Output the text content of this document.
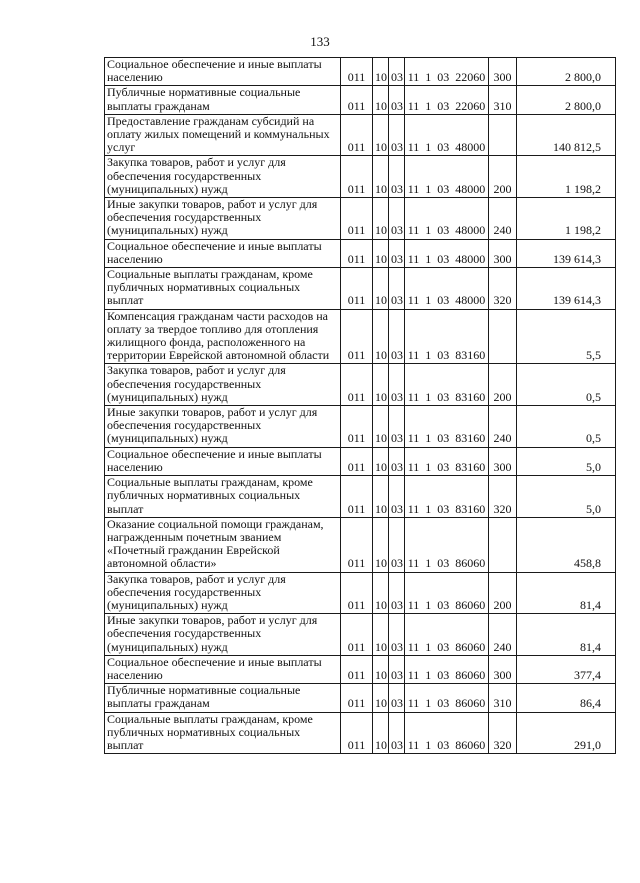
133
Социальное обеспечение и иные выплаты населению	011	10	03	11  1  03  22060	300	2 800,0
Публичные нормативные социальные выплаты гражданам	011	10	03	11  1  03  22060	310	2 800,0
Предоставление гражданам субсидий на оплату жилых помещений и коммунальных услуг	011	10	03	11  1  03  48000		140 812,5
Закупка товаров, работ и услуг для обеспечения государственных (муниципальных) нужд	011	10	03	11  1  03  48000	200	1 198,2
Иные закупки товаров, работ и услуг для обеспечения государственных (муниципальных) нужд	011	10	03	11  1  03  48000	240	1 198,2
Социальное обеспечение и иные выплаты населению	011	10	03	11  1  03  48000	300	139 614,3
Социальные выплаты гражданам, кроме публичных нормативных социальных выплат	011	10	03	11  1  03  48000	320	139 614,3
Компенсация гражданам части расходов на оплату за твердое топливо для отопления жилищного фонда, расположенного на территории Еврейской автономной области	011	10	03	11  1  03  83160		5,5
Закупка товаров, работ и услуг для обеспечения государственных (муниципальных) нужд	011	10	03	11  1  03  83160	200	0,5
Иные закупки товаров, работ и услуг для обеспечения государственных (муниципальных) нужд	011	10	03	11  1  03  83160	240	0,5
Социальное обеспечение и иные выплаты населению	011	10	03	11  1  03  83160	300	5,0
Социальные выплаты гражданам, кроме публичных нормативных социальных выплат	011	10	03	11  1  03  83160	320	5,0
Оказание социальной помощи гражданам, награжденным почетным званием «Почетный гражданин Еврейской автономной области»	011	10	03	11  1  03  86060		458,8
Закупка товаров, работ и услуг для обеспечения государственных (муниципальных) нужд	011	10	03	11  1  03  86060	200	81,4
Иные закупки товаров, работ и услуг для обеспечения государственных (муниципальных) нужд	011	10	03	11  1  03  86060	240	81,4
Социальное обеспечение и иные выплаты населению	011	10	03	11  1  03  86060	300	377,4
Публичные нормативные социальные выплаты гражданам	011	10	03	11  1  03  86060	310	86,4
Социальные выплаты гражданам, кроме публичных нормативных социальных выплат	011	10	03	11  1  03  86060	320	291,0
